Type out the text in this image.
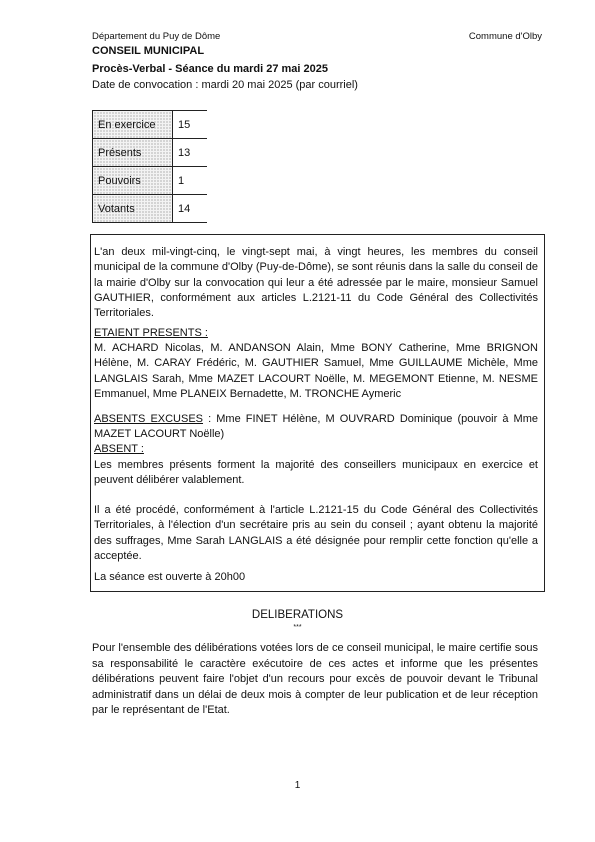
Département du Puy de Dôme	Commune d'Olby
CONSEIL MUNICIPAL
Procès-Verbal - Séance du mardi 27 mai 2025
Date de convocation : mardi 20 mai 2025 (par courriel)
En exercice	15
Présents	13
Pouvoirs	1
Votants	14
L'an deux mil-vingt-cinq, le vingt-sept mai, à vingt heures, les membres du conseil municipal de la commune d'Olby (Puy-de-Dôme), se sont réunis dans la salle du conseil de la mairie d'Olby sur la convocation qui leur a été adressée par le maire, monsieur Samuel GAUTHIER, conformément aux articles L.2121-11 du Code Général des Collectivités Territoriales.
ETAIENT PRESENTS :
M. ACHARD Nicolas, M. ANDANSON Alain, Mme BONY Catherine, Mme BRIGNON Hélène, M. CARAY Frédéric, M. GAUTHIER Samuel, Mme GUILLAUME Michèle, Mme LANGLAIS Sarah, Mme MAZET LACOURT Noëlle, M. MEGEMONT Etienne, M. NESME Emmanuel, Mme PLANEIX Bernadette, M. TRONCHE Aymeric
ABSENTS EXCUSES : Mme FINET Hélène, M OUVRARD Dominique (pouvoir à Mme MAZET LACOURT Noëlle)
ABSENT :
Les membres présents forment la majorité des conseillers municipaux en exercice et peuvent délibérer valablement.
Il a été procédé, conformément à l'article L.2121-15 du Code Général des Collectivités Territoriales, à l'élection d'un secrétaire pris au sein du conseil ; ayant obtenu la majorité des suffrages, Mme Sarah LANGLAIS a été désignée pour remplir cette fonction qu'elle a acceptée.
La séance est ouverte à 20h00
DELIBERATIONS
***
Pour l'ensemble des délibérations votées lors de ce conseil municipal, le maire certifie sous sa responsabilité le caractère exécutoire de ces actes et informe que les présentes délibérations peuvent faire l'objet d'un recours pour excès de pouvoir devant le Tribunal administratif dans un délai de deux mois à compter de leur publication et de leur réception par le représentant de l'Etat.
1
